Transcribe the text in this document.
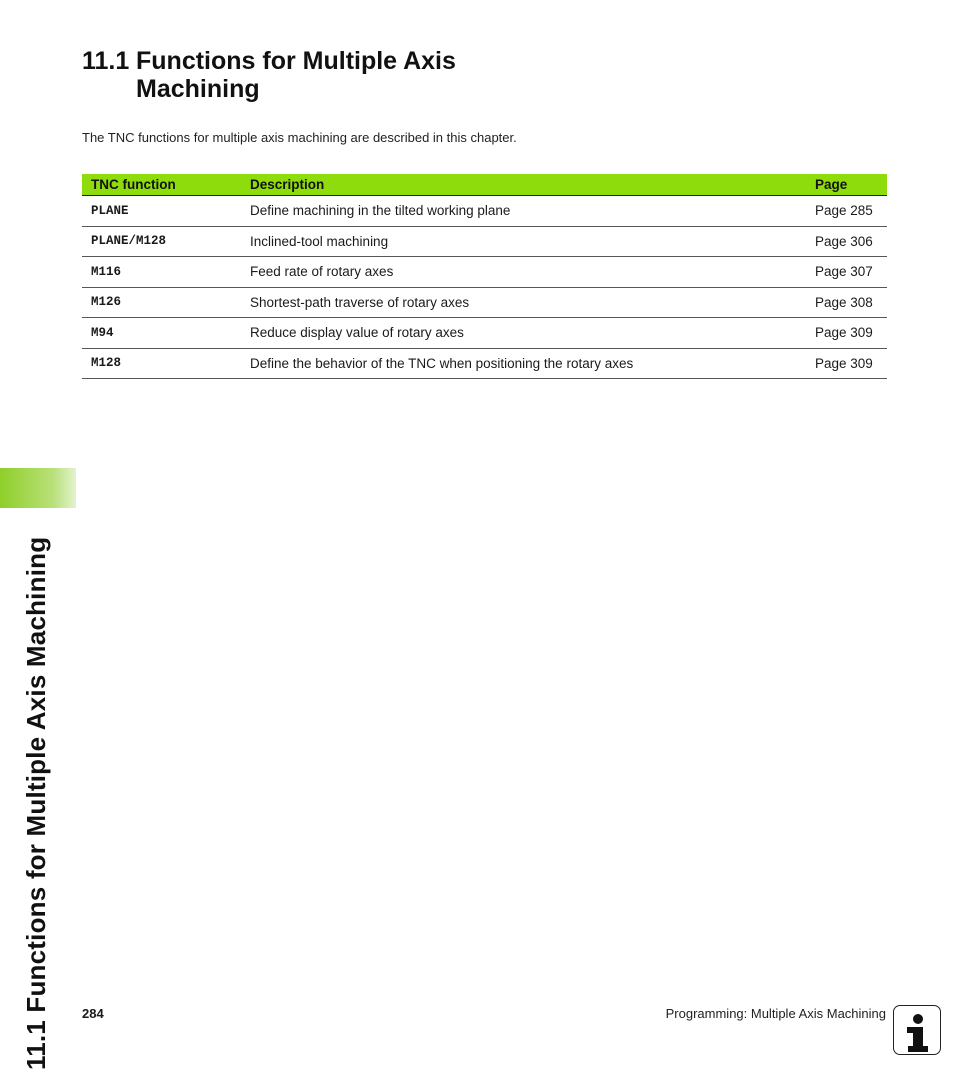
11.1 Functions for Multiple Axis Machining
11.1 Functions for Multiple Axis
Machining

The TNC functions for multiple axis machining are described in this chapter.

TNC function	Description	Page
PLANE	Define machining in the tilted working plane	Page 285
PLANE/M128	Inclined-tool machining	Page 306
M116	Feed rate of rotary axes	Page 307
M126	Shortest-path traverse of rotary axes	Page 308
M94	Reduce display value of rotary axes	Page 309
M128	Define the behavior of the TNC when positioning the rotary axes	Page 309
284	Programming: Multiple Axis Machining
